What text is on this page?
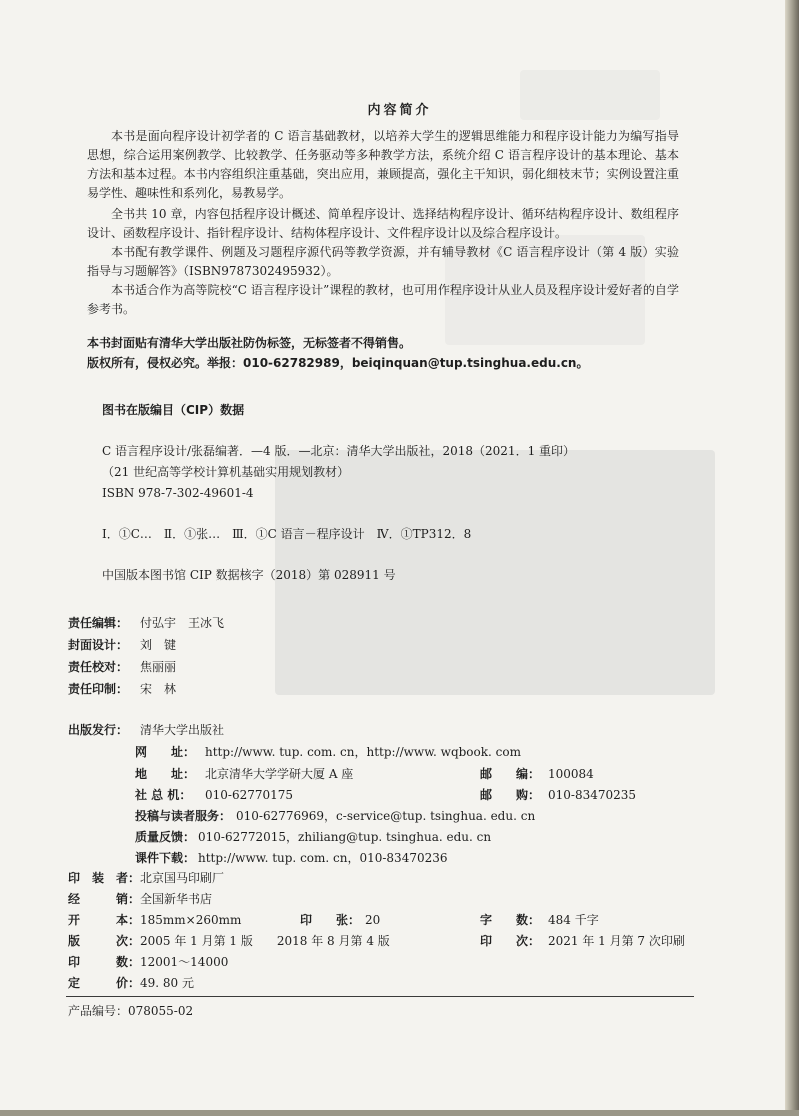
内容简介
本书是面向程序设计初学者的 C 语言基础教材，以培养大学生的逻辑思维能力和程序设计能力为编写指导思想，综合运用案例教学、比较教学、任务驱动等多种教学方法，系统介绍 C 语言程序设计的基本理论、基本方法和基本过程。本书内容组织注重基础，突出应用，兼顾提高，强化主干知识，弱化细枝末节；实例设置注重易学性、趣味性和系列化，易教易学。
全书共 10 章，内容包括程序设计概述、简单程序设计、选择结构程序设计、循环结构程序设计、数组程序设计、函数程序设计、指针程序设计、结构体程序设计、文件程序设计以及综合程序设计。
本书配有教学课件、例题及习题程序源代码等教学资源，并有辅导教材《C 语言程序设计（第 4 版）实验指导与习题解答》（ISBN9787302495932）。
本书适合作为高等院校“C 语言程序设计”课程的教材，也可用作程序设计从业人员及程序设计爱好者的自学参考书。
本书封面贴有清华大学出版社防伪标签，无标签者不得销售。
版权所有，侵权必究。举报：010-62782989，beiqinquan@tup.tsinghua.edu.cn。
图书在版编目（CIP）数据
C 语言程序设计/张磊编著．—4 版．—北京：清华大学出版社，2018（2021．1 重印）
（21 世纪高等学校计算机基础实用规划教材）
ISBN 978-7-302-49601-4
Ⅰ．①C…　Ⅱ．①张…　Ⅲ．①C 语言－程序设计　Ⅳ．①TP312．8
中国版本图书馆 CIP 数据核字（2018）第 028911 号
责任编辑： 付弘宇　王冰飞
封面设计： 刘　键
责任校对： 焦丽丽
责任印制： 宋　林
出版发行： 清华大学出版社
网　　址： http://www. tup. com. cn，http://www. wqbook. com
地　　址： 北京清华大学学研大厦 A 座	邮　　编： 100084
社 总 机： 010-62770175	邮　　购： 010-83470235
投稿与读者服务： 010-62776969，c-service@tup. tsinghua. edu. cn
质量反馈： 010-62772015，zhiliang@tup. tsinghua. edu. cn
课件下载： http://www. tup. com. cn，010-83470236
印　装　者： 北京国马印刷厂
经　　　销： 全国新华书店
开　　　本： 185mm×260mm	印　　张： 20	字　　数： 484 千字
版　　　次： 2005 年 1 月第 1 版　　2018 年 8 月第 4 版	印　　次： 2021 年 1 月第 7 次印刷
印　　　数： 12001～14000
定　　　价： 49. 80 元
产品编号： 078055-02
